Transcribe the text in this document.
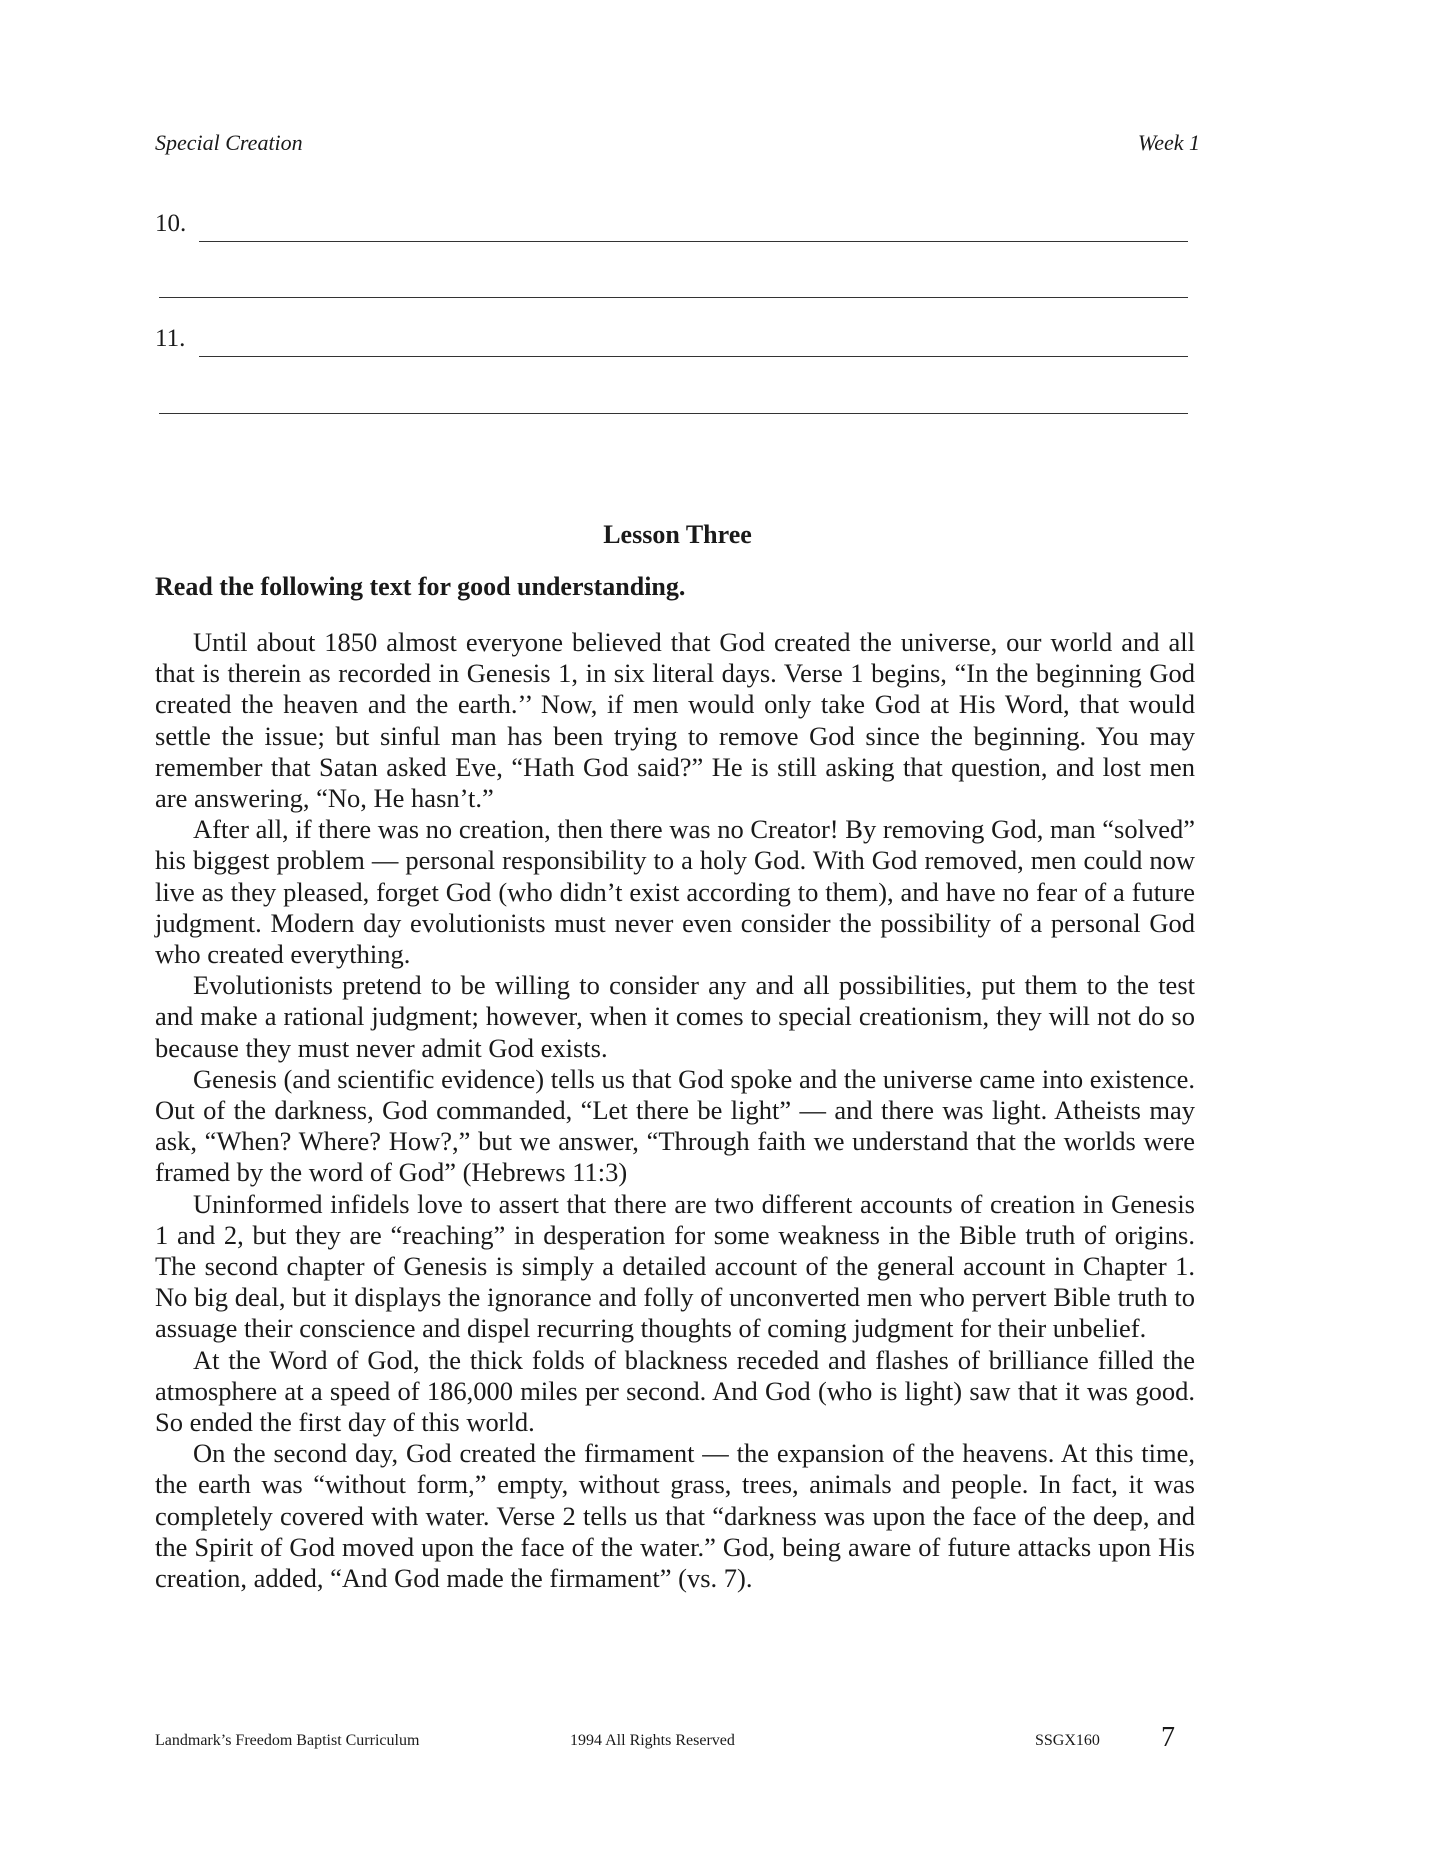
Special Creation	Week 1
10.
11.
Lesson Three
Read the following text for good understanding.

Until about 1850 almost everyone believed that God created the universe, our world and all that is therein as recorded in Genesis 1, in six literal days. Verse 1 begins, “In the beginning God created the heaven and the earth.’’ Now, if men would only take God at His Word, that would settle the issue; but sinful man has been trying to remove God since the beginning. You may remember that Satan asked Eve, “Hath God said?” He is still asking that question, and lost men are answering, “No, He hasn’t.”

After all, if there was no creation, then there was no Creator! By removing God, man “solved” his biggest problem — personal responsibility to a holy God. With God removed, men could now live as they pleased, forget God (who didn’t exist according to them), and have no fear of a future judgment. Modern day evolutionists must never even consider the possibility of a personal God who created everything.

Evolutionists pretend to be willing to consider any and all possibilities, put them to the test and make a rational judgment; however, when it comes to special creationism, they will not do so because they must never admit God exists.

Genesis (and scientific evidence) tells us that God spoke and the universe came into existence. Out of the darkness, God commanded, “Let there be light” — and there was light. Atheists may ask, “When? Where? How?,” but we answer, “Through faith we understand that the worlds were framed by the word of God” (Hebrews 11:3)

Uninformed infidels love to assert that there are two different accounts of creation in Genesis 1 and 2, but they are “reaching” in desperation for some weakness in the Bible truth of origins. The second chapter of Genesis is simply a detailed account of the general account in Chapter 1. No big deal, but it displays the ignorance and folly of unconverted men who pervert Bible truth to assuage their conscience and dispel recurring thoughts of coming judgment for their unbelief.

At the Word of God, the thick folds of blackness receded and flashes of brilliance filled the atmosphere at a speed of 186,000 miles per second. And God (who is light) saw that it was good. So ended the first day of this world.

On the second day, God created the firmament — the expansion of the heavens. At this time, the earth was “without form,” empty, without grass, trees, animals and people. In fact, it was completely covered with water. Verse 2 tells us that “darkness was upon the face of the deep, and the Spirit of God moved upon the face of the water.” God, being aware of future attacks upon His creation, added, “And God made the firmament” (vs. 7).

Landmark’s Freedom Baptist Curriculum	1994 All Rights Reserved	SSGX160 7
